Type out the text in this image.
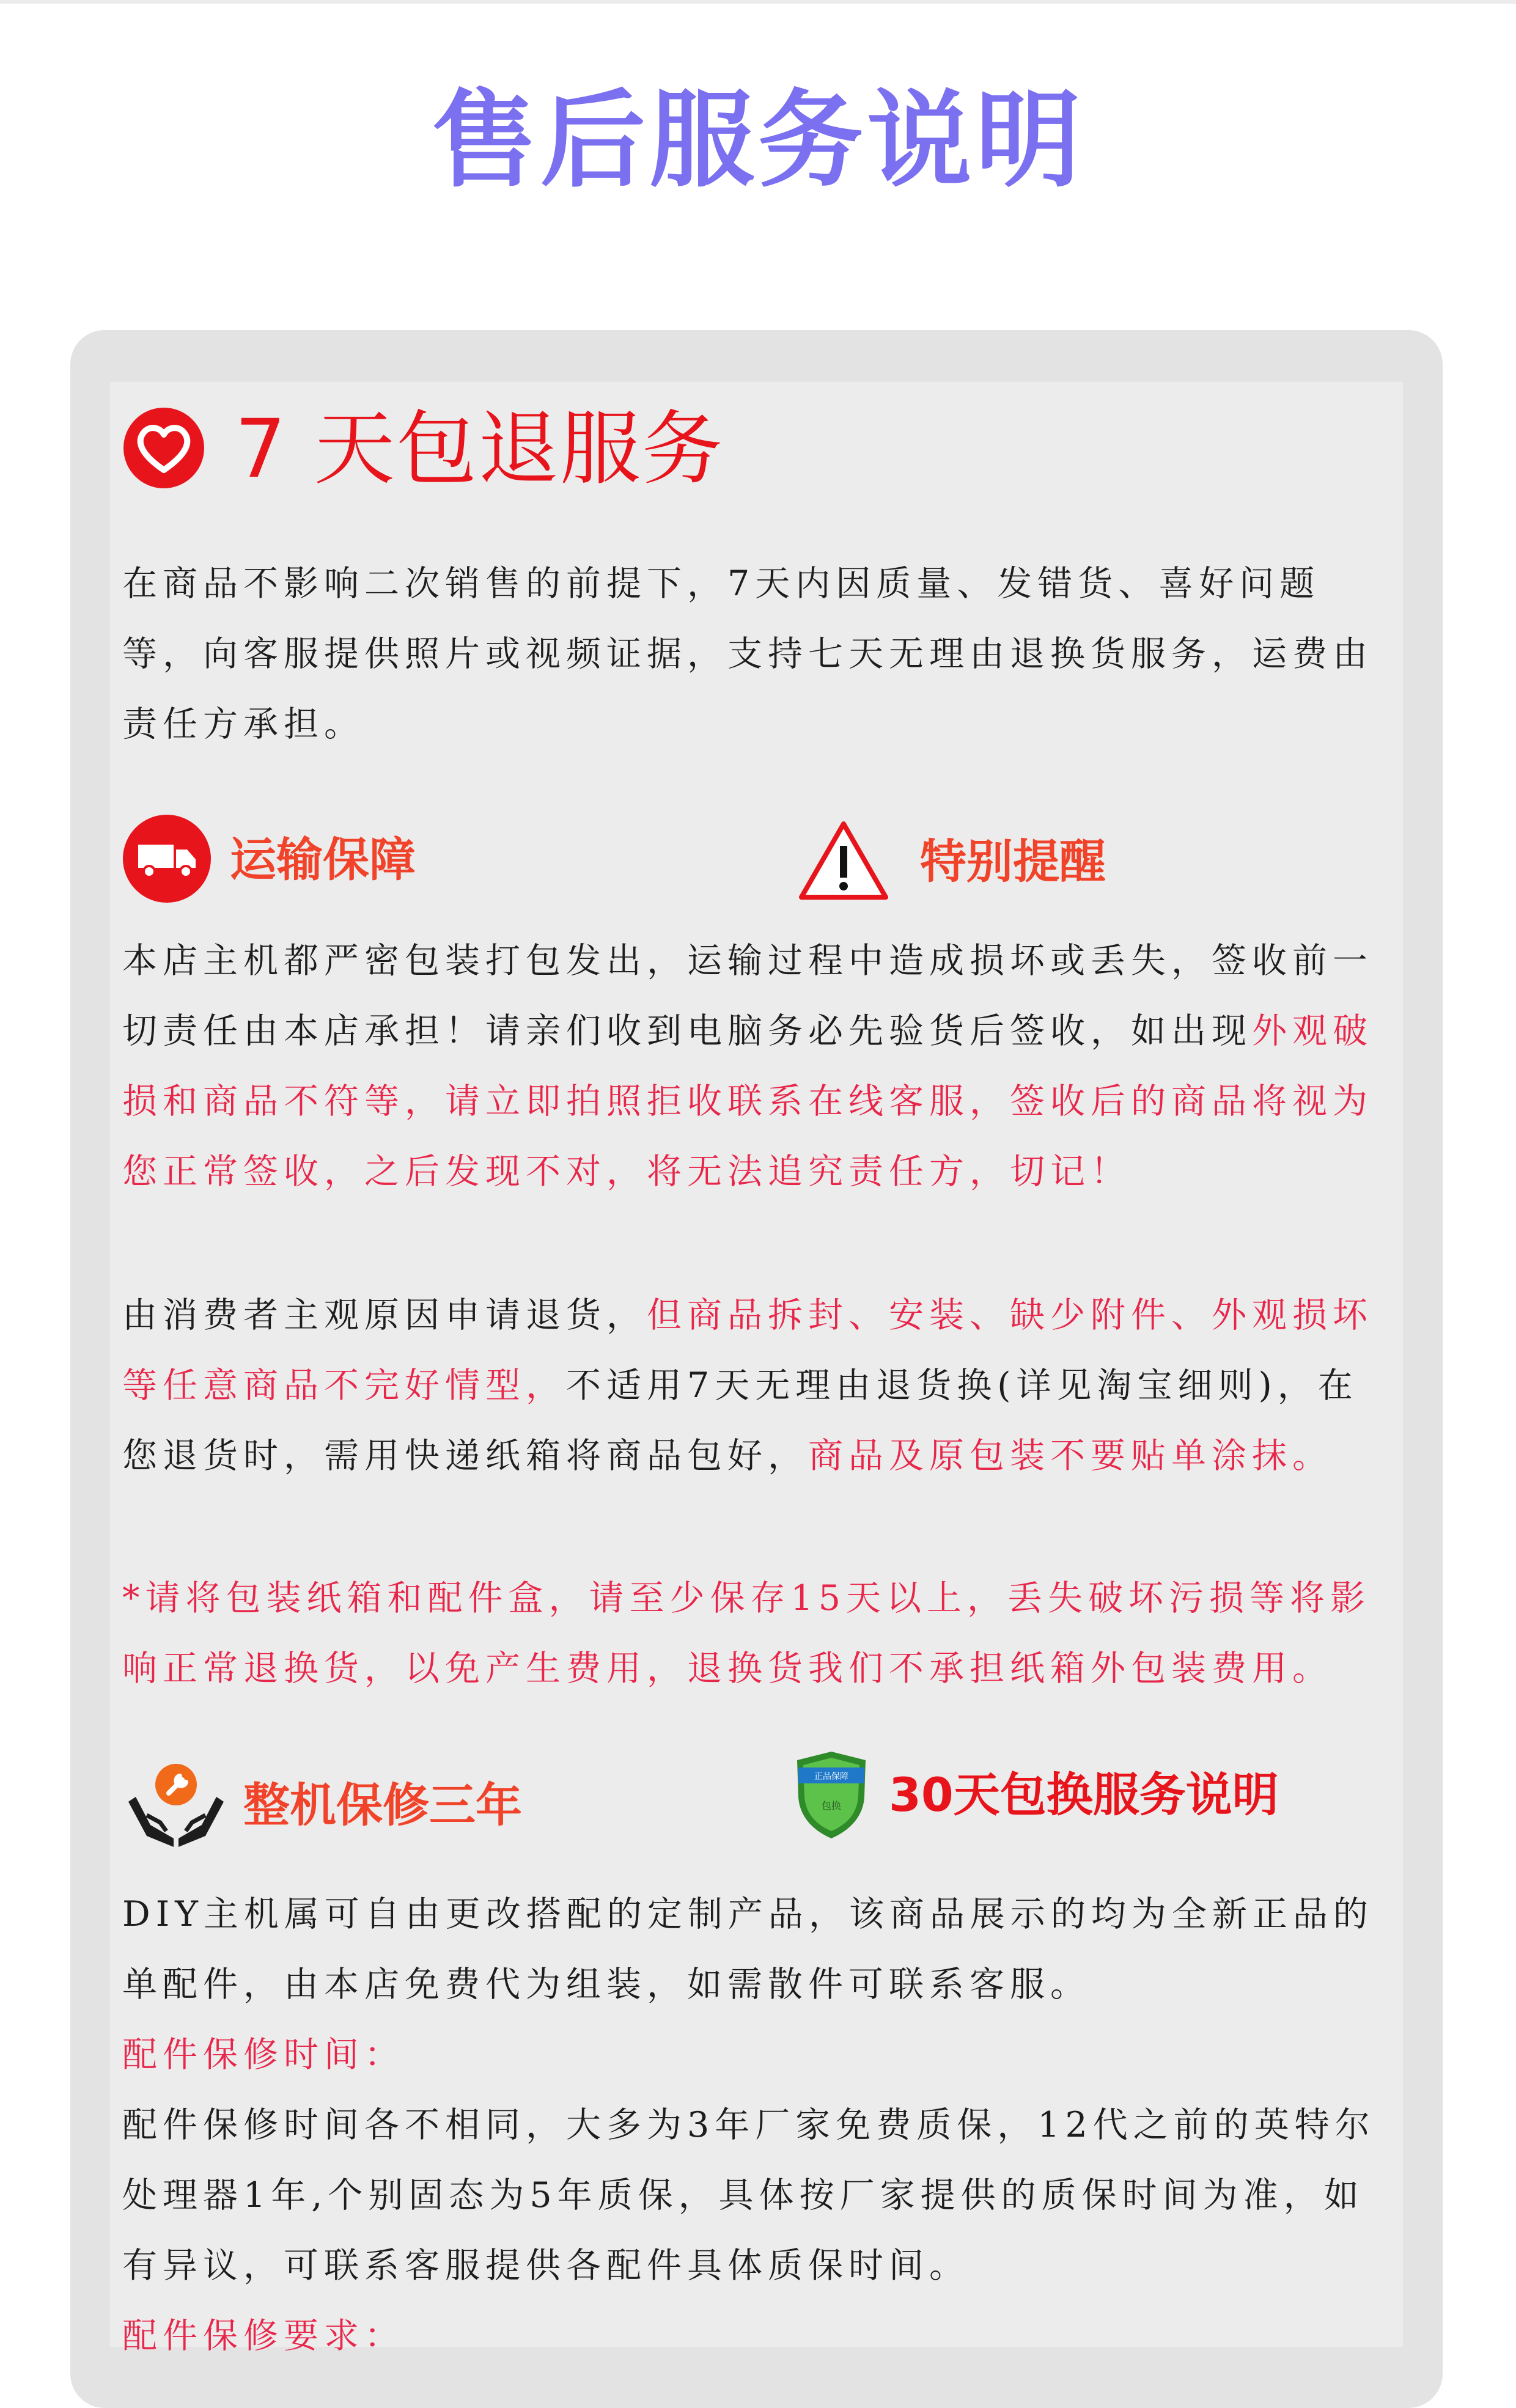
售后服务说明
7 天包退服务

在商品不影响二次销售的前提下，7天内因质量、发错货、喜好问题等，向客服提供照片或视频证据，支持七天无理由退换货服务，运费由责任方承担。

运输保障	特别提醒

本店主机都严密包装打包发出，运输过程中造成损坏或丢失，签收前一切责任由本店承担！请亲们收到电脑务必先验货后签收，如出现外观破损和商品不符等，请立即拍照拒收联系在线客服，签收后的商品将视为您正常签收，之后发现不对，将无法追究责任方，切记！

由消费者主观原因申请退货，但商品拆封、安装、缺少附件、外观损坏等任意商品不完好情型，不适用7天无理由退货换(详见淘宝细则)，在您退货时，需用快递纸箱将商品包好，商品及原包装不要贴单涂抹。

*请将包装纸箱和配件盒，请至少保存15天以上，丢失破坏污损等将影响正常退换货，以免产生费用，退换货我们不承担纸箱外包装费用。

整机保修三年
正品保障
包换 30天包换服务说明

DIY主机属可自由更改搭配的定制产品，该商品展示的均为全新正品的单配件，由本店免费代为组装，如需散件可联系客服。

配件保修时间：

配件保修时间各不相同，大多为3年厂家免费质保，12代之前的英特尔处理器1年,个别固态为5年质保，具体按厂家提供的质保时间为准，如有异议，可联系客服提供各配件具体质保时间。

配件保修要求：
